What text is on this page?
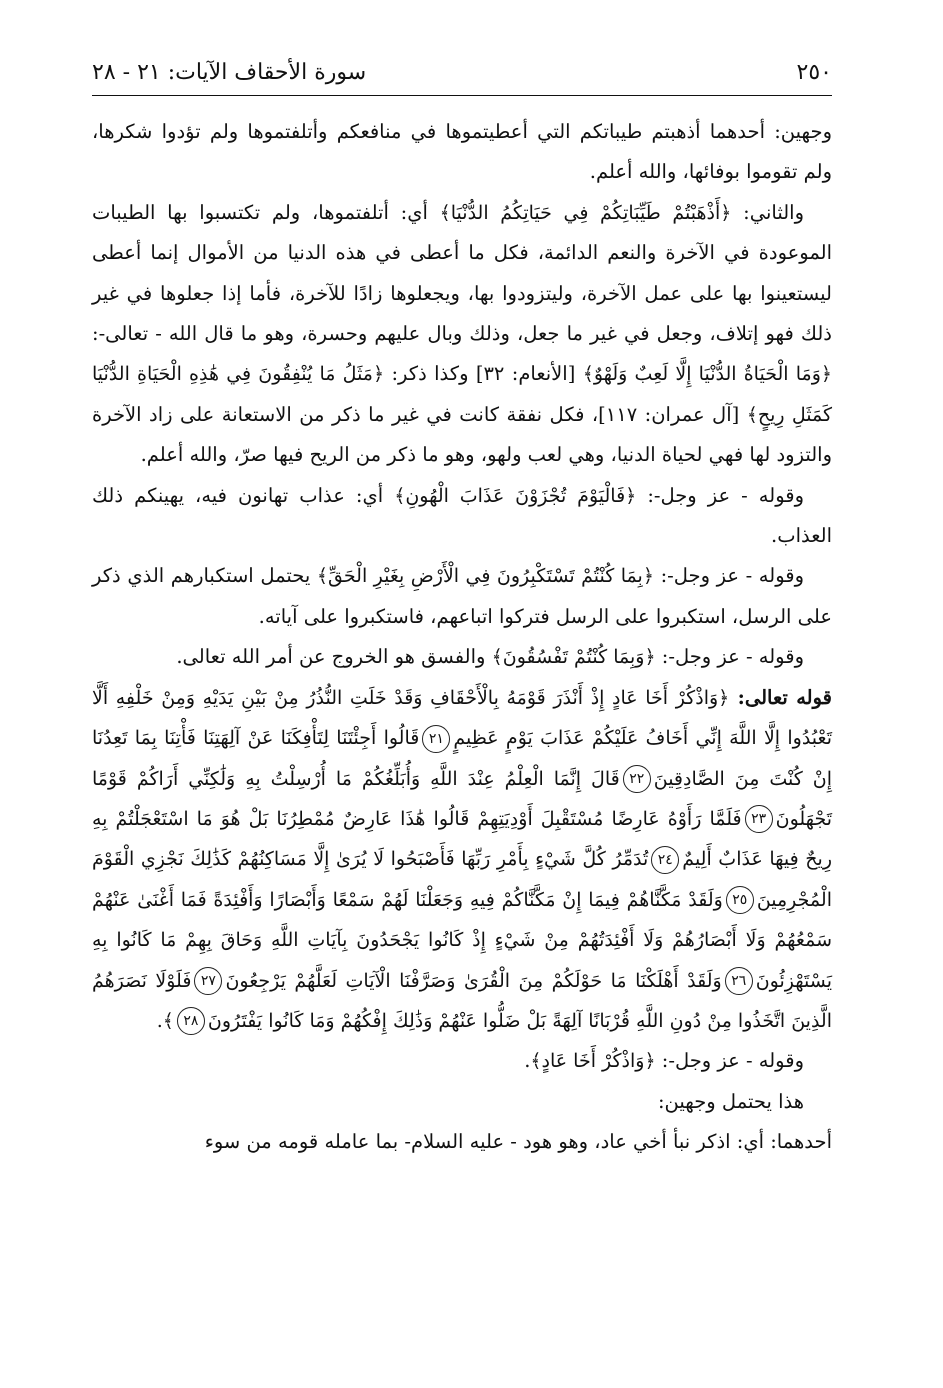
٢٥٠
سورة الأحقاف الآيات: ٢١ - ٢٨

وجهين: أحدهما أذهبتم طيباتكم التي أعطيتموها في منافعكم وأتلفتموها ولم تؤدوا شكرها، ولم تقوموا بوفائها، والله أعلم.

والثاني: ﴿أَذْهَبْتُمْ طَيِّبَاتِكُمْ فِي حَيَاتِكُمُ الدُّنْيَا﴾ أي: أتلفتموها، ولم تكتسبوا بها الطيبات الموعودة في الآخرة والنعم الدائمة، فكل ما أعطى في هذه الدنيا من الأموال إنما أعطى ليستعينوا بها على عمل الآخرة، وليتزودوا بها، ويجعلوها زادًا للآخرة، فأما إذا جعلوها في غير ذلك فهو إتلاف، وجعل في غير ما جعل، وذلك وبال عليهم وحسرة، وهو ما قال الله - تعالى-: ﴿وَمَا الْحَيَاةُ الدُّنْيَا إِلَّا لَعِبٌ وَلَهْوٌ﴾ [الأنعام: ٣٢] وكذا ذكر: ﴿مَثَلُ مَا يُنْفِقُونَ فِي هَٰذِهِ الْحَيَاةِ الدُّنْيَا كَمَثَلِ رِيحٍ﴾ [آل عمران: ١١٧]، فكل نفقة كانت في غير ما ذكر من الاستعانة على زاد الآخرة والتزود لها فهي لحياة الدنيا، وهي لعب ولهو، وهو ما ذكر من الريح فيها صرّ، والله أعلم.

وقوله - عز وجل-: ﴿فَالْيَوْمَ تُجْزَوْنَ عَذَابَ الْهُونِ﴾ أي: عذاب تهانون فيه، يهينكم ذلك العذاب.

وقوله - عز وجل-: ﴿بِمَا كُنْتُمْ تَسْتَكْبِرُونَ فِي الْأَرْضِ بِغَيْرِ الْحَقِّ﴾ يحتمل استكبارهم الذي ذكر على الرسل، استكبروا على الرسل فتركوا اتباعهم، فاستكبروا على آياته.

وقوله - عز وجل-: ﴿وَبِمَا كُنْتُمْ تَفْسُقُونَ﴾ والفسق هو الخروج عن أمر الله تعالى.

قوله تعالى: ﴿وَاذْكُرْ أَخَا عَادٍ إِذْ أَنْذَرَ قَوْمَهُ بِالْأَحْقَافِ وَقَدْ خَلَتِ النُّذُرُ مِنْ بَيْنِ يَدَيْهِ وَمِنْ خَلْفِهِ أَلَّا تَعْبُدُوا إِلَّا اللَّهَ إِنِّي أَخَافُ عَلَيْكُمْ عَذَابَ يَوْمٍ عَظِيمٍ٢١قَالُوا أَجِئْتَنَا لِتَأْفِكَنَا عَنْ آلِهَتِنَا فَأْتِنَا بِمَا تَعِدُنَا إِنْ كُنْتَ مِنَ الصَّادِقِينَ٢٢قَالَ إِنَّمَا الْعِلْمُ عِنْدَ اللَّهِ وَأُبَلِّغُكُمْ مَا أُرْسِلْتُ بِهِ وَلَٰكِنِّي أَرَاكُمْ قَوْمًا تَجْهَلُونَ٢٣فَلَمَّا رَأَوْهُ عَارِضًا مُسْتَقْبِلَ أَوْدِيَتِهِمْ قَالُوا هَٰذَا عَارِضٌ مُمْطِرُنَا بَلْ هُوَ مَا اسْتَعْجَلْتُمْ بِهِ رِيحٌ فِيهَا عَذَابٌ أَلِيمٌ٢٤تُدَمِّرُ كُلَّ شَيْءٍ بِأَمْرِ رَبِّهَا فَأَصْبَحُوا لَا يُرَىٰ إِلَّا مَسَاكِنُهُمْ كَذَٰلِكَ نَجْزِي الْقَوْمَ الْمُجْرِمِينَ٢٥وَلَقَدْ مَكَّنَّاهُمْ فِيمَا إِنْ مَكَّنَّاكُمْ فِيهِ وَجَعَلْنَا لَهُمْ سَمْعًا وَأَبْصَارًا وَأَفْئِدَةً فَمَا أَغْنَىٰ عَنْهُمْ سَمْعُهُمْ وَلَا أَبْصَارُهُمْ وَلَا أَفْئِدَتُهُمْ مِنْ شَيْءٍ إِذْ كَانُوا يَجْحَدُونَ بِآيَاتِ اللَّهِ وَحَاقَ بِهِمْ مَا كَانُوا بِهِ يَسْتَهْزِئُونَ٢٦وَلَقَدْ أَهْلَكْنَا مَا حَوْلَكُمْ مِنَ الْقُرَىٰ وَصَرَّفْنَا الْآيَاتِ لَعَلَّهُمْ يَرْجِعُونَ٢٧فَلَوْلَا نَصَرَهُمُ الَّذِينَ اتَّخَذُوا مِنْ دُونِ اللَّهِ قُرْبَانًا آلِهَةً بَلْ ضَلُّوا عَنْهُمْ وَذَٰلِكَ إِفْكُهُمْ وَمَا كَانُوا يَفْتَرُونَ٢٨﴾.

وقوله - عز وجل-: ﴿وَاذْكُرْ أَخَا عَادٍ﴾.

هذا يحتمل وجهين:

أحدهما: أي: اذكر نبأ أخي عاد، وهو هود - عليه السلام- بما عامله قومه من سوء
